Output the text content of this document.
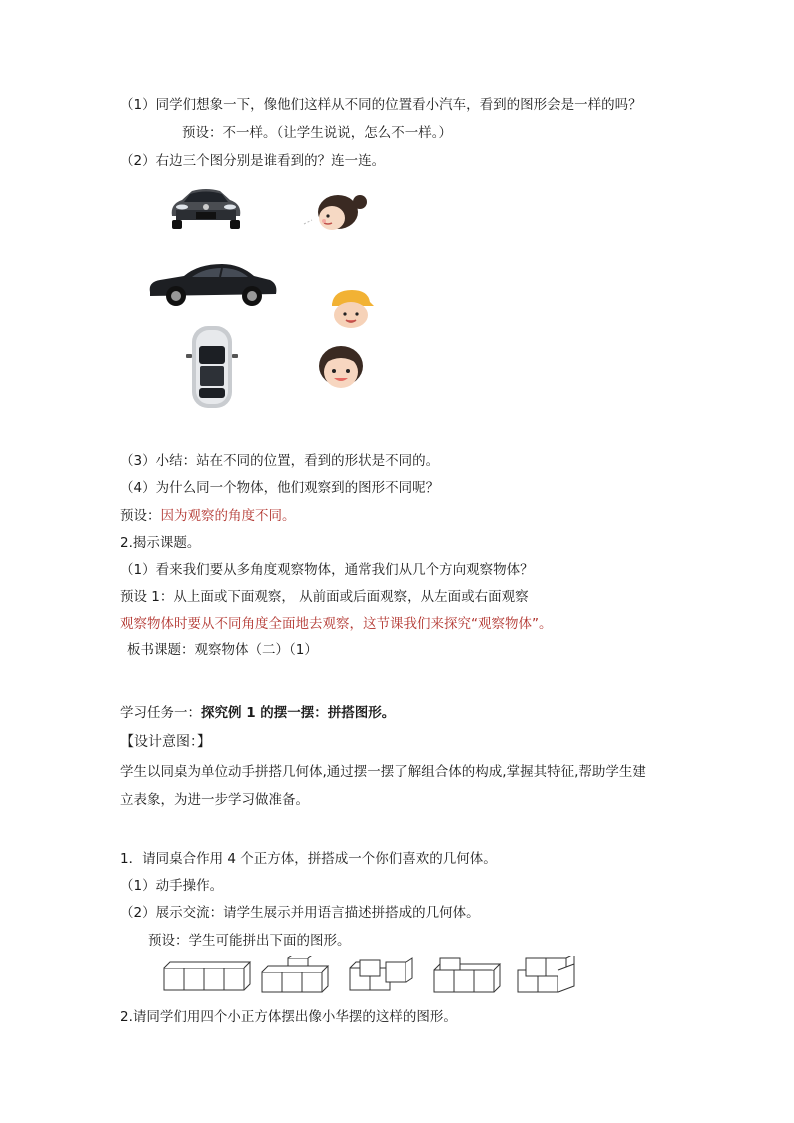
（1）同学们想象一下，像他们这样从不同的位置看小汽车，看到的图形会是一样的吗？
预设：不一样。（让学生说说，怎么不一样。）
（2）右边三个图分别是谁看到的？连一连。
（3）小结：站在不同的位置，看到的形状是不同的。
（4）为什么同一个物体，他们观察到的图形不同呢？
预设：因为观察的角度不同。
2.揭示课题。
（1）看来我们要从多角度观察物体，通常我们从几个方向观察物体？
预设 1：从上面或下面观察， 从前面或后面观察，从左面或右面观察
观察物体时要从不同角度全面地去观察，这节课我们来探究“观察物体”。
板书课题：观察物体（二）（1）
学习任务一：探究例 1 的摆一摆：拼搭图形。
【设计意图：】
学生以同桌为单位动手拼搭几何体,通过摆一摆了解组合体的构成,掌握其特征,帮助学生建
立表象，为进一步学习做准备。
1．请同桌合作用 4 个正方体，拼搭成一个你们喜欢的几何体。
（1）动手操作。
（2）展示交流：请学生展示并用语言描述拼搭成的几何体。
预设：学生可能拼出下面的图形。
2.请同学们用四个小正方体摆出像小华摆的这样的图形。
